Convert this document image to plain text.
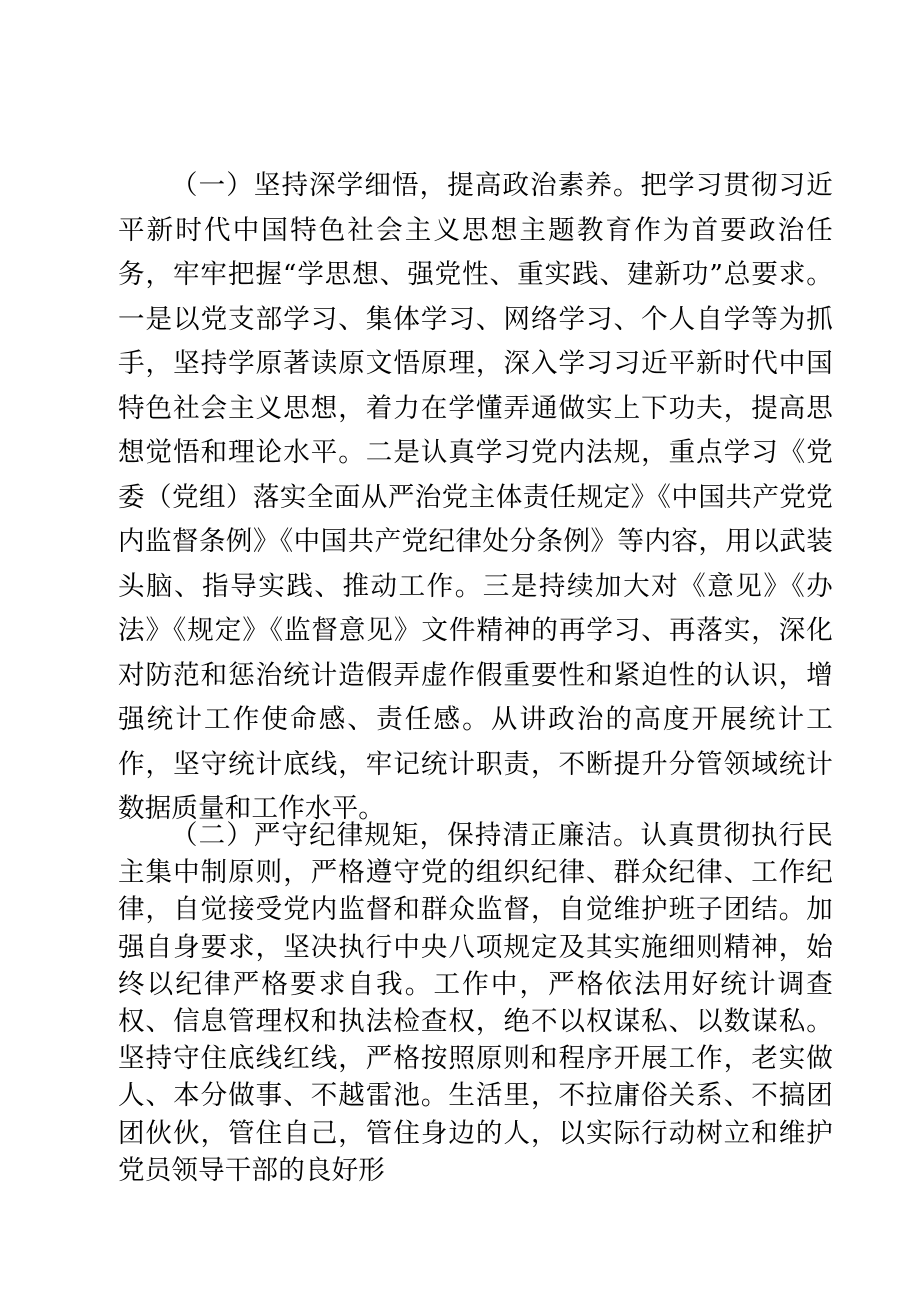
（一）坚持深学细悟，提高政治素养。把学习贯彻习近平新时代中国特色社会主义思想主题教育作为首要政治任务，牢牢把握“学思想、强党性、重实践、建新功”总要求。一是以党支部学习、集体学习、网络学习、个人自学等为抓手，坚持学原著读原文悟原理，深入学习习近平新时代中国特色社会主义思想，着力在学懂弄通做实上下功夫，提高思想觉悟和理论水平。二是认真学习党内法规，重点学习《党委（党组）落实全面从严治党主体责任规定》《中国共产党党内监督条例》《中国共产党纪律处分条例》等内容，用以武装头脑、指导实践、推动工作。三是持续加大对《意见》《办法》《规定》《监督意见》文件精神的再学习、再落实，深化对防范和惩治统计造假弄虚作假重要性和紧迫性的认识，增强统计工作使命感、责任感。从讲政治的高度开展统计工作，坚守统计底线，牢记统计职责，不断提升分管领域统计数据质量和工作水平。

（二）严守纪律规矩，保持清正廉洁。认真贯彻执行民主集中制原则，严格遵守党的组织纪律、群众纪律、工作纪律，自觉接受党内监督和群众监督，自觉维护班子团结。加强自身要求，坚决执行中央八项规定及其实施细则精神，始终以纪律严格要求自我。工作中，严格依法用好统计调查权、信息管理权和执法检查权，绝不以权谋私、以数谋私。坚持守住底线红线，严格按照原则和程序开展工作，老实做人、本分做事、不越雷池。生活里，不拉庸俗关系、不搞团团伙伙，管住自己，管住身边的人，以实际行动树立和维护党员领导干部的良好形
